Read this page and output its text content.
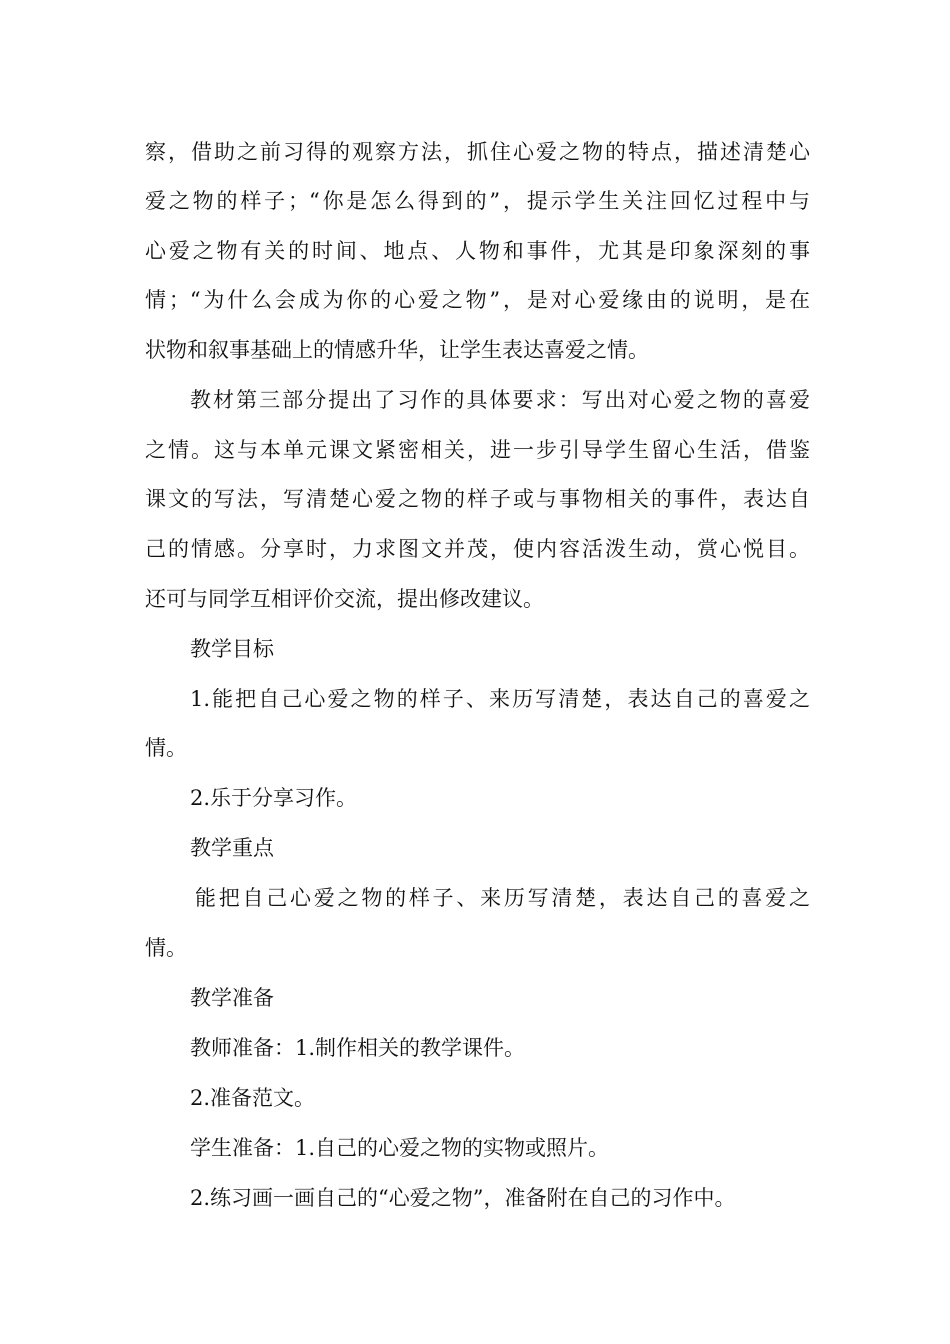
察，借助之前习得的观察方法，抓住心爱之物的特点，描述清楚心
爱之物的样子；“你是怎么得到的”，提示学生关注回忆过程中与
心爱之物有关的时间、地点、人物和事件，尤其是印象深刻的事
情；“为什么会成为你的心爱之物”，是对心爱缘由的说明，是在
状物和叙事基础上的情感升华，让学生表达喜爱之情。
教材第三部分提出了习作的具体要求：写出对心爱之物的喜爱
之情。这与本单元课文紧密相关，进一步引导学生留心生活，借鉴
课文的写法，写清楚心爱之物的样子或与事物相关的事件，表达自
己的情感。分享时，力求图文并茂，使内容活泼生动，赏心悦目。
还可与同学互相评价交流，提出修改建议。
教学目标
1.能把自己心爱之物的样子、来历写清楚，表达自己的喜爱之
情。
2.乐于分享习作。
教学重点
能把自己心爱之物的样子、来历写清楚，表达自己的喜爱之
情。
教学准备
教师准备：1.制作相关的教学课件。
2.准备范文。
学生准备：1.自己的心爱之物的实物或照片。
2.练习画一画自己的“心爱之物”，准备附在自己的习作中。
